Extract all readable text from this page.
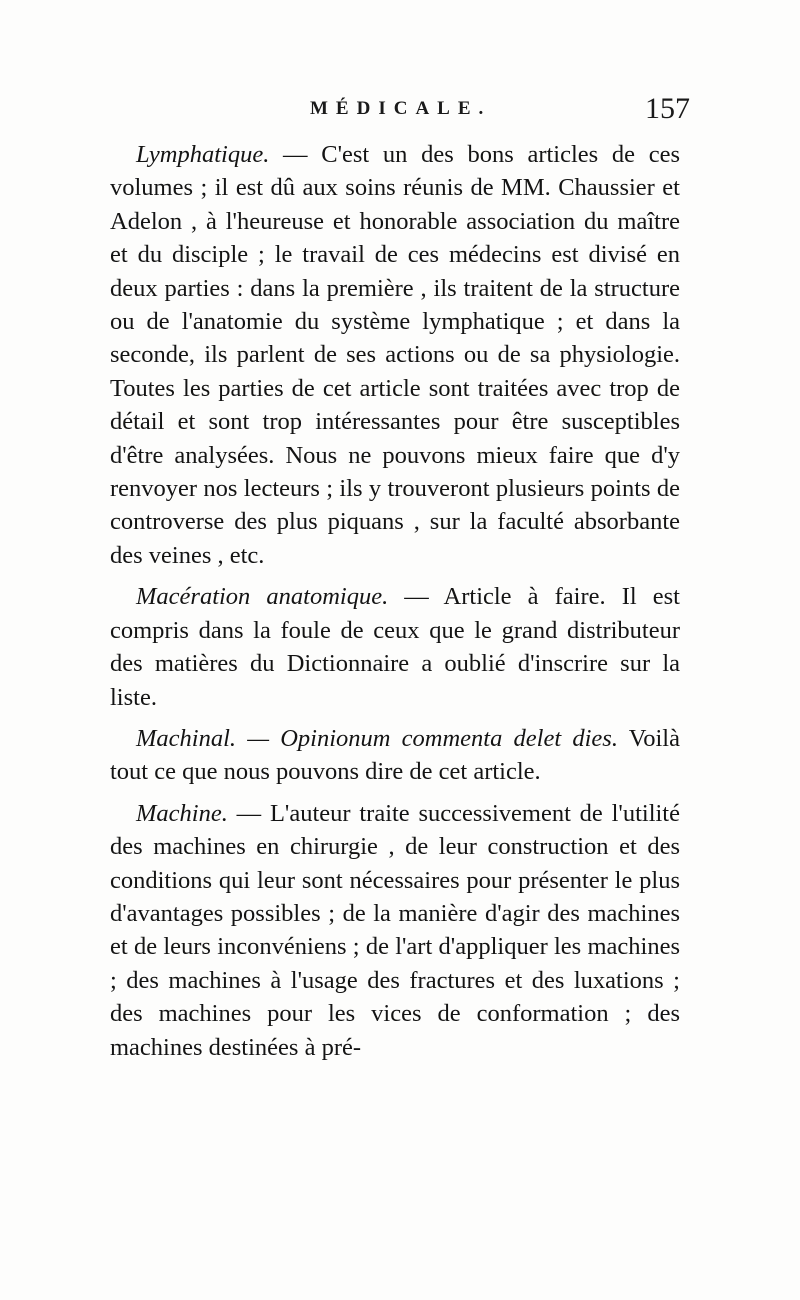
MÉDICALE.	157

Lymphatique. — C'est un des bons articles de ces volumes ; il est dû aux soins réunis de MM. Chaussier et Adelon , à l'heureuse et honorable association du maître et du disciple ; le travail de ces médecins est divisé en deux parties : dans la première , ils traitent de la structure ou de l'anatomie du système lymphatique ; et dans la seconde, ils parlent de ses actions ou de sa physiologie. Toutes les parties de cet article sont traitées avec trop de détail et sont trop intéressantes pour être susceptibles d'être analysées. Nous ne pouvons mieux faire que d'y renvoyer nos lecteurs ; ils y trouveront plusieurs points de controverse des plus piquans , sur la faculté absorbante des veines , etc.

Macération anatomique. — Article à faire. Il est compris dans la foule de ceux que le grand distributeur des matières du Dictionnaire a oublié d'inscrire sur la liste.

Machinal. — Opinionum commenta delet dies. Voilà tout ce que nous pouvons dire de cet article.

Machine. — L'auteur traite successivement de l'utilité des machines en chirurgie , de leur construction et des conditions qui leur sont nécessaires pour présenter le plus d'avantages possibles ; de la manière d'agir des machines et de leurs inconvéniens ; de l'art d'appliquer les machines ; des machines à l'usage des fractures et des luxations ; des machines pour les vices de conformation ; des machines destinées à pré-
